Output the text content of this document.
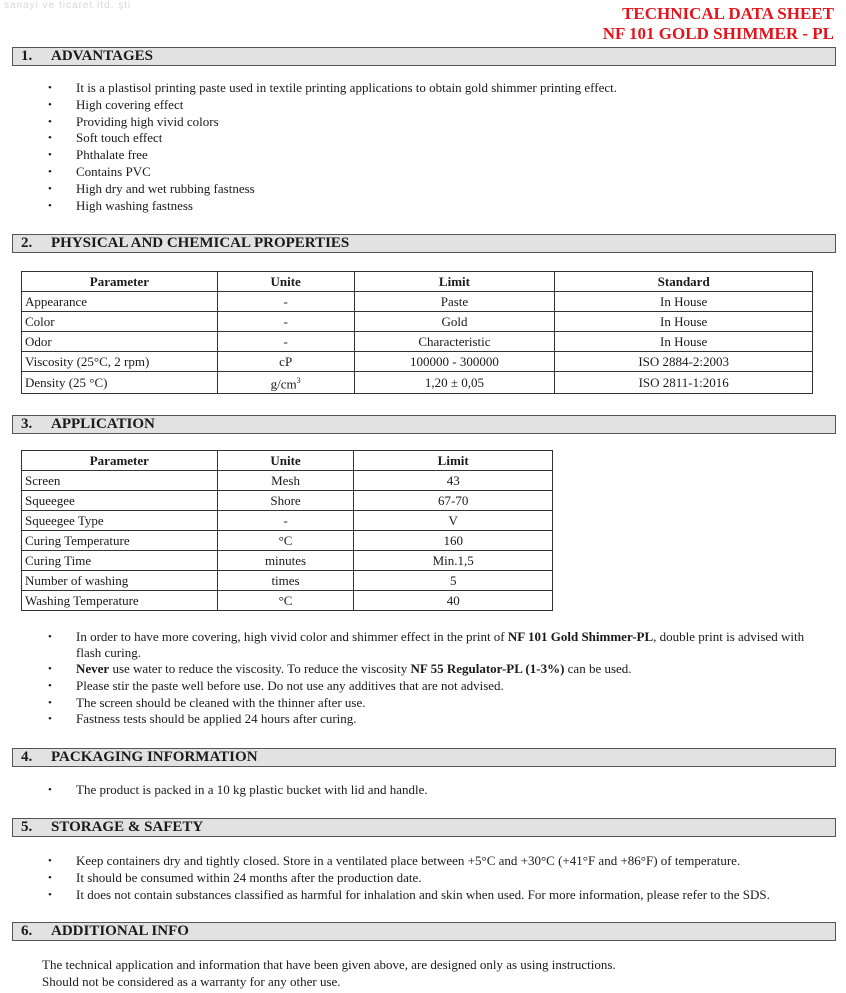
sanayi ve ticaret ltd. şti	TECHNICAL DATA SHEET
NF 101 GOLD SHIMMER - PL
1. ADVANTAGES
• It is a plastisol printing paste used in textile printing applications to obtain gold shimmer printing effect.
• High covering effect
• Providing high vivid colors
• Soft touch effect
• Phthalate free
• Contains PVC
• High dry and wet rubbing fastness
• High washing fastness
2. PHYSICAL AND CHEMICAL PROPERTIES
Parameter	Unite	Limit	Standard
Appearance	-	Paste	In House
Color	-	Gold	In House
Odor	-	Characteristic	In House
Viscosity (25°C, 2 rpm)	cP	100000 - 300000	ISO 2884-2:2003
Density (25 °C)	$g/cm^3$	1,20 ± 0,05	ISO 2811-1:2016
3. APPLICATION
Parameter	Unite	Limit
Screen	Mesh	43
Squeegee	Shore	67-70
Squeegee Type	-	V
Curing Temperature	°C	160
Curing Time	minutes	Min.1,5
Number of washing	times	5
Washing Temperature	°C	40
• In order to have more covering, high vivid color and shimmer effect in the print of NF 101 Gold Shimmer-PL, double print is advised with flash curing.
• Never use water to reduce the viscosity. To reduce the viscosity NF 55 Regulator-PL (1-3%) can be used.
• Please stir the paste well before use. Do not use any additives that are not advised.
• The screen should be cleaned with the thinner after use.
• Fastness tests should be applied 24 hours after curing.
4. PACKAGING INFORMATION
• The product is packed in a 10 kg plastic bucket with lid and handle.
5. STORAGE & SAFETY
• Keep containers dry and tightly closed. Store in a ventilated place between +5°C and +30°C (+41°F and +86°F) of temperature.
• It should be consumed within 24 months after the production date.
• It does not contain substances classified as harmful for inhalation and skin when used. For more information, please refer to the SDS.
6. ADDITIONAL INFO
The technical application and information that have been given above, are designed only as using instructions.
Should not be considered as a warranty for any other use.
